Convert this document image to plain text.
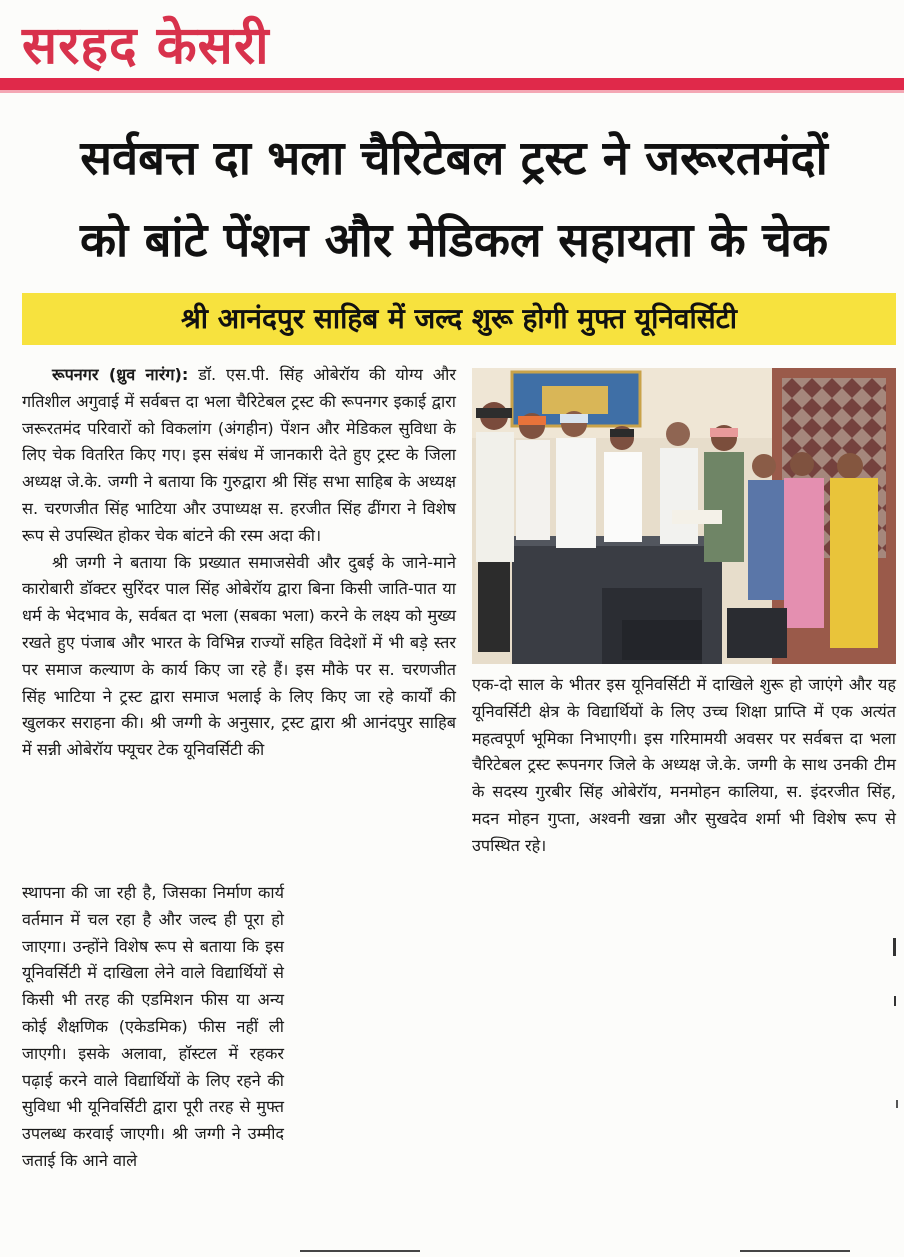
सरहद केसरी
सर्वबत्त दा भला चैरिटेबल ट्रस्ट ने जरूरतमंदों
को बांटे पेंशन और मेडिकल सहायता के चेक
श्री आनंदपुर साहिब में जल्द शुरू होगी मुफ्त यूनिवर्सिटी

रूपनगर (ध्रुव नारंग): डॉ. एस.पी. सिंह ओबेरॉय की योग्य और गतिशील अगुवाई में सर्वबत्त दा भला चैरिटेबल ट्रस्ट की रूपनगर इकाई द्वारा जरूरतमंद परिवारों को विकलांग (अंगहीन) पेंशन और मेडिकल सुविधा के लिए चेक वितरित किए गए। इस संबंध में जानकारी देते हुए ट्रस्ट के जिला अध्यक्ष जे.के. जग्गी ने बताया कि गुरुद्वारा श्री सिंह सभा साहिब के अध्यक्ष स. चरणजीत सिंह भाटिया और उपाध्यक्ष स. हरजीत सिंह ढींगरा ने विशेष रूप से उपस्थित होकर चेक बांटने की रस्म अदा की।

श्री जग्गी ने बताया कि प्रख्यात समाजसेवी और दुबई के जाने-माने कारोबारी डॉक्टर सुरिंदर पाल सिंह ओबेरॉय द्वारा बिना किसी जाति-पात या धर्म के भेदभाव के, सर्वबत दा भला (सबका भला) करने के लक्ष्य को मुख्य रखते हुए पंजाब और भारत के विभिन्न राज्यों सहित विदेशों में भी बड़े स्तर पर समाज कल्याण के कार्य किए जा रहे हैं। इस मौके पर स. चरणजीत सिंह भाटिया ने ट्रस्ट द्वारा समाज भलाई के लिए किए जा रहे कार्यों की खुलकर सराहना की। श्री जग्गी के अनुसार, ट्रस्ट द्वारा श्री आनंदपुर साहिब में सन्नी ओबेरॉय फ्यूचर टेक यूनिवर्सिटी की

स्थापना की जा रही है, जिसका निर्माण कार्य वर्तमान में चल रहा है और जल्द ही पूरा हो जाएगा। उन्होंने विशेष रूप से बताया कि इस यूनिवर्सिटी में दाखिला लेने वाले विद्यार्थियों से किसी भी तरह की एडमिशन फीस या अन्य कोई शैक्षणिक (एकेडमिक) फीस नहीं ली जाएगी। इसके अलावा, हॉस्टल में रहकर पढ़ाई करने वाले विद्यार्थियों के लिए रहने की सुविधा भी यूनिवर्सिटी द्वारा पूरी तरह से मुफ्त उपलब्ध करवाई जाएगी। श्री जग्गी ने उम्मीद जताई कि आने वाले

एक-दो साल के भीतर इस यूनिवर्सिटी में दाखिले शुरू हो जाएंगे और यह यूनिवर्सिटी क्षेत्र के विद्यार्थियों के लिए उच्च शिक्षा प्राप्ति में एक अत्यंत महत्वपूर्ण भूमिका निभाएगी। इस गरिमामयी अवसर पर सर्वबत्त दा भला चैरिटेबल ट्रस्ट रूपनगर जिले के अध्यक्ष जे.के. जग्गी के साथ उनकी टीम के सदस्य गुरबीर सिंह ओबेरॉय, मनमोहन कालिया, स. इंदरजीत सिंह, मदन मोहन गुप्ता, अश्वनी खन्ना और सुखदेव शर्मा भी विशेष रूप से उपस्थित रहे।
